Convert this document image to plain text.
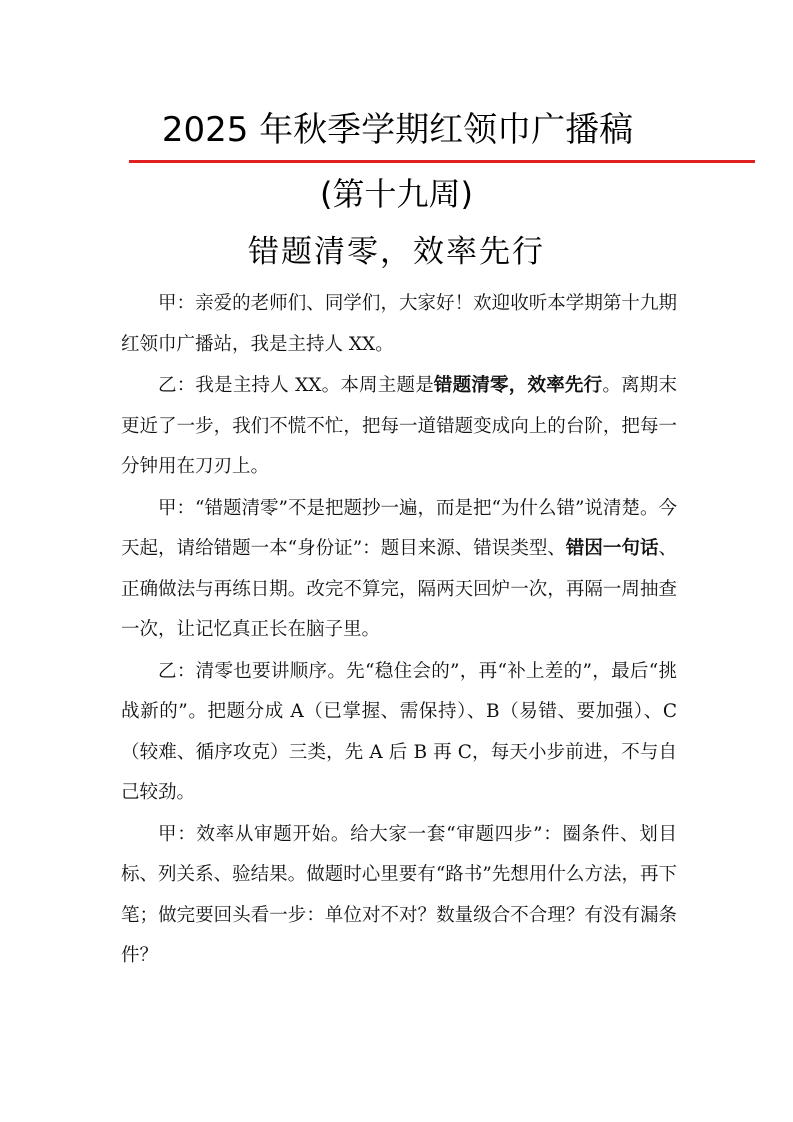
2025 年秋季学期红领巾广播稿
(第十九周)
错题清零，效率先行

甲：亲爱的老师们、同学们，大家好！欢迎收听本学期第十九期红领巾广播站，我是主持人 XX。

乙：我是主持人 XX。本周主题是错题清零，效率先行。离期末更近了一步，我们不慌不忙，把每一道错题变成向上的台阶，把每一分钟用在刀刃上。

甲：“错题清零”不是把题抄一遍，而是把“为什么错”说清楚。今天起，请给错题一本“身份证”：题目来源、错误类型、错因一句话、正确做法与再练日期。改完不算完，隔两天回炉一次，再隔一周抽查一次，让记忆真正长在脑子里。

乙：清零也要讲顺序。先“稳住会的”，再“补上差的”，最后“挑战新的”。把题分成 A（已掌握、需保持）、B（易错、要加强）、C（较难、循序攻克）三类，先 A 后 B 再 C，每天小步前进，不与自己较劲。

甲：效率从审题开始。给大家一套“审题四步”：圈条件、划目标、列关系、验结果。做题时心里要有“路书”先想用什么方法，再下笔；做完要回头看一步：单位对不对？数量级合不合理？有没有漏条件？
